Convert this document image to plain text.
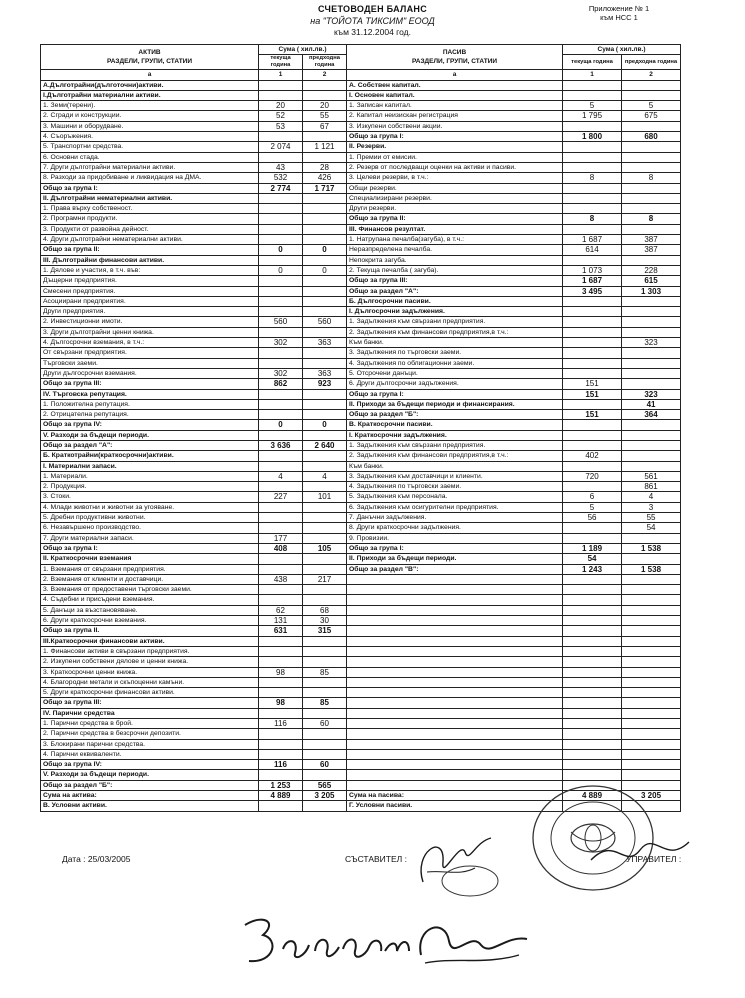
Приложение № 1
към НСС 1
СЧЕТОВОДЕН БАЛАНС
на "ТОЙОТА ТИКСИМ" ЕООД
към 31.12.2004 год.
АКТИВ
РАЗДЕЛИ, ГРУПИ, СТАТИИ	Сума ( хил.лв.)		ПАСИВ
РАЗДЕЛИ, ГРУПИ, СТАТИИ	Сума ( хил.лв.)	
	текуща година	предходна година		текуща година	предходна година
а	1	2	а	1	2
А.Дълготрайни(дълготочни)активи.			А. Собствен капитал.		
I.Дълготрайни материални активи.			I. Основен капитал.		
1. Земи(терени).	20	20	1. Записан капитал.	5	5
2. Сгради и конструкции.	52	55	2. Капитал неизискан регистрация	1 795	675
3. Машини и оборудване.	53	67	3. Изкупени собствени акции.		
4. Съоръжения.			Общо за група I:	1 800	680
5. Транспортни средства.	2 074	1 121	II. Резерви.		
6. Основни стада.			1. Премии от емисии.		
7. Други дълготрайни материални активи.	43	28	2. Резерв от последващи оценки на активи и пасиви.		
8. Разходи за придобиване и ликвидация на ДМА.	532	426	3. Целеви резерви, в т.ч.:	8	8
Общо за група I:	2 774	1 717	Общи резерви.		
II. Дълготрайни нематериални активи.			Специализирани резерви.		
1. Права върху собственост.			Други резерви.		
2. Програмни продукти.			Общо за група II:	8	8
3. Продукти от развойна дейност.			III. Финансов резултат.		
4. Други дълготрайни нематериални активи.			1. Натрупана печалба(загуба), в т.ч.:	1 687	387
Общо за група II:	0	0	Неразпределена печалба.	614	387
III. Дълготрайни финансови активи.			Непокрита загуба.		
1. Дялове и участия, в т.ч. във:	0	0	2. Текуща печалба ( загуба).	1 073	228
Дъщерни предприятия.			Общо за група III:	1 687	615
Смесени предприятия.			Общо за раздел "А":	3 495	1 303
Асоциирани предприятия.			Б. Дългосрочни пасиви.		
Други предприятия.			I. Дългосрочни задължения.		
2. Инвестиционни имоти.	560	560	1. Задължения към свързани предприятия.		
3. Други дълготрайни ценни книжа.			2. Задължения към финансови предприятия,в т.ч.:		
4. Дългосрочни вземания, в т.ч.:	302	363	Към банки.		323
От свързани предприятия.			3. Задължения по търговски заеми.		
Търговски заеми.			4. Задължения по облигационни заеми.		
Други дългосрочни вземания.	302	363	5. Отсрочени данъци.		
Общо за група III:	862	923	6. Други дългосрочни задължения.	151	
IV. Търговска репутация.			Общо за група I:	151	323
1. Положителна репутация.			II. Приходи за бъдещи периоди и финансирания.		41
2. Отрицателна репутация.			Общо за раздел "Б":	151	364
Общо за група IV:	0	0	В. Краткосрочни пасиви.		
V. Разходи за бъдещи периоди.			I. Краткосрочни задължения.		
Общо за раздел "А":	3 636	2 640	1. Задължения към свързани предприятия.		
Б. Краткотрайни(краткосрочни)активи.			2. Задължения към финансови предприятия,в т.ч.:	402	
I. Материални запаси.			Към банки.		
1. Материали.	4	4	3. Задължения към доставчици и клиенти.	720	561
2. Продукция.			4. Задължения по търговски заеми.		861
3. Стоки.	227	101	5. Задължения към персонала.	6	4
4. Млади животни и животни за угояване.			6. Задължения към осигурителни предприятия.	5	3
5. Дребни продуктивни животни.			7. Данъчни задължения.	56	55
6. Незавършено производство.			8. Други краткосрочни задължения.		54
7. Други материални запаси.	177		9. Провизии.		
Общо за група I:	408	105	Общо за група I:	1 189	1 538
II. Краткосрочни вземания			II. Приходи за бъдещи периоди.	54	
1. Вземания от свързани предприятия.			Общо за раздел "В":	1 243	1 538
2. Вземания от клиенти и доставчици.	438	217			
3. Вземания от предоставени търговски заеми.					
4. Съдебни и присъдени вземания.					
5. Данъци за възстановяване.	62	68			
6. Други краткосрочни вземания.	131	30			
Общо за група II.	631	315			
III.Краткосрочни финансови активи.					
1. Финансови активи в свързани предприятия.					
2. Изкупени собствени дялове и ценни книжа.					
3. Краткосрочни ценни книжа.	98	85			
4. Благородни метали и скъпоценни камъни.					
5. Други краткосрочни финансови активи.					
Общо за група III:	98	85			
IV. Парични средства					
1. Парични средства в брой.	116	60			
2. Парични средства в безсрочни депозити.					
3. Блокирани парични средства.					
4. Парични еквиваленти.					
Общо за група IV:	116	60			
V. Разходи за бъдещи периоди.					
Общо за раздел "Б":	1 253	565			
Сума на актива:	4 889	3 205	Сума на пасива:	4 889	3 205
В. Условни активи.			Г. Условни пасиви.		
Дата : 25/03/2005	СЪСТАВИТЕЛ :	УПРАВИТЕЛ :
